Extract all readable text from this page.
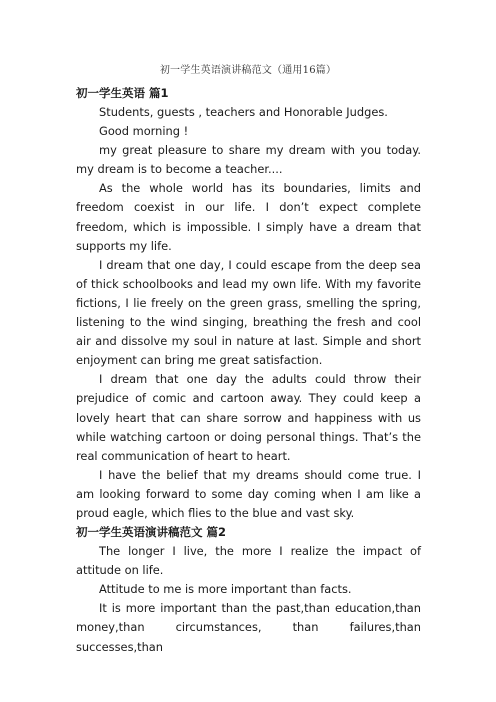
初一学生英语演讲稿范文（通用16篇）

初一学生英语 篇1

Students, guests , teachers and Honorable Judges.

Good morning !

my great pleasure to share my dream with you today. my dream is to become a teacher....

As the whole world has its boundaries, limits and freedom coexist in our life. I don’t expect complete freedom, which is impossible. I simply have a dream that supports my life.

I dream that one day, I could escape from the deep sea of thick schoolbooks and lead my own life. With my favorite fictions, I lie freely on the green grass, smelling the spring, listening to the wind singing, breathing the fresh and cool air and dissolve my soul in nature at last. Simple and short enjoyment can bring me great satisfaction.

I dream that one day the adults could throw their prejudice of comic and cartoon away. They could keep a lovely heart that can share sorrow and happiness with us while watching cartoon or doing personal things. That’s the real communication of heart to heart.

I have the belief that my dreams should come true. I am looking forward to some day coming when I am like a proud eagle, which flies to the blue and vast sky.

初一学生英语演讲稿范文 篇2

The longer I live, the more I realize the impact of attitude on life.

Attitude to me is more important than facts.

It is more important than the past,than education,than money,than circumstances, than failures,than successes,than
